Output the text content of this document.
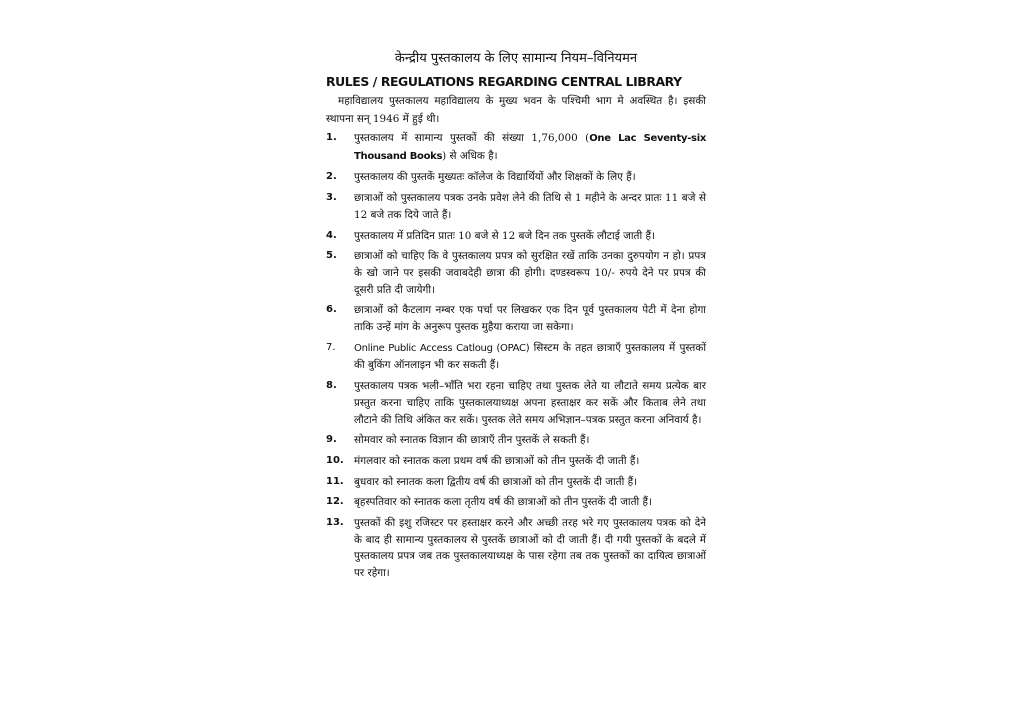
केन्द्रीय पुस्तकालय के लिए सामान्य नियम–विनियमन
RULES / REGULATIONS REGARDING CENTRAL LIBRARY

महाविद्यालय पुस्तकालय महाविद्यालय के मुख्य भवन के पश्चिमी भाग मे अवस्थित है। इसकी स्थापना सन् 1946 में हुई थी।

1.	पुस्तकालय में सामान्य पुस्तकों की संख्या 1,76,000 (One Lac Seventy-six Thousand Books) से अधिक है।
2.	पुस्तकालय की पुस्तकें मुख्यतः कॉलेज के विद्यार्थियों और शिक्षकों के लिए हैं।
3.	छात्राओं को पुस्तकालय पत्रक उनके प्रवेश लेने की तिथि से 1 महीने के अन्दर प्रातः 11 बजे से 12 बजे तक दिये जाते हैं।
4.	पुस्तकालय में प्रतिदिन प्रातः 10 बजे से 12 बजे दिन तक पुस्तकें लौटाई जाती हैं।
5.	छात्राओं को चाहिए कि वे पुस्तकालय प्रपत्र को सुरक्षित रखें ताकि उनका दुरुपयोग न हो। प्रपत्र के खो जाने पर इसकी जवाबदेही छात्रा की होगी। दण्डस्वरूप 10/- रुपये देने पर प्रपत्र की दूसरी प्रति दी जायेगी।
6.	छात्राओं को कैटलाग नम्बर एक पर्चा पर लिखकर एक दिन पूर्व पुस्तकालय पेटी में देना होगा ताकि उन्हें मांग के अनुरूप पुस्तक मुहैया कराया जा सकेगा।
7.	Online Public Access Catloug (OPAC) सिस्टम के तहत छात्राएँ पुस्तकालय में पुस्तकों की बुकिंग ऑनलाइन भी कर सकती हैं।
8.	पुस्तकालय पत्रक भली–भाँति भरा रहना चाहिए तथा पुस्तक लेते या लौटाते समय प्रत्येक बार प्रस्तुत करना चाहिए ताकि पुस्तकालयाध्यक्ष अपना हस्ताक्षर कर सकें और किताब लेने तथा लौटाने की तिथि अंकित कर सकें। पुस्तक लेते समय अभिज्ञान–पत्रक प्रस्तुत करना अनिवार्य है।
9.	सोमवार को स्नातक विज्ञान की छात्राएँ तीन पुस्तकें ले सकती हैं।
10. मंगलवार को स्नातक कला प्रथम वर्ष की छात्राओं को तीन पुस्तकें दी जाती हैं।
11. बुधवार को स्नातक कला द्वितीय वर्ष की छात्राओं को तीन पुस्तकें दी जाती हैं।
12. बृहस्पतिवार को स्नातक कला तृतीय वर्ष की छात्राओं को तीन पुस्तकें दी जाती हैं।
13. पुस्तकों की इशु रजिस्टर पर हस्ताक्षर करने और अच्छी तरह भरे गए पुस्तकालय पत्रक को देने के बाद ही सामान्य पुस्तकालय से पुस्तकें छात्राओं को दी जाती हैं। दी गयी पुस्तकों के बदले में पुस्तकालय प्रपत्र जब तक पुस्तकालयाध्यक्ष के पास रहेगा तब तक पुस्तकों का दायित्व छात्राओं पर रहेगा।
